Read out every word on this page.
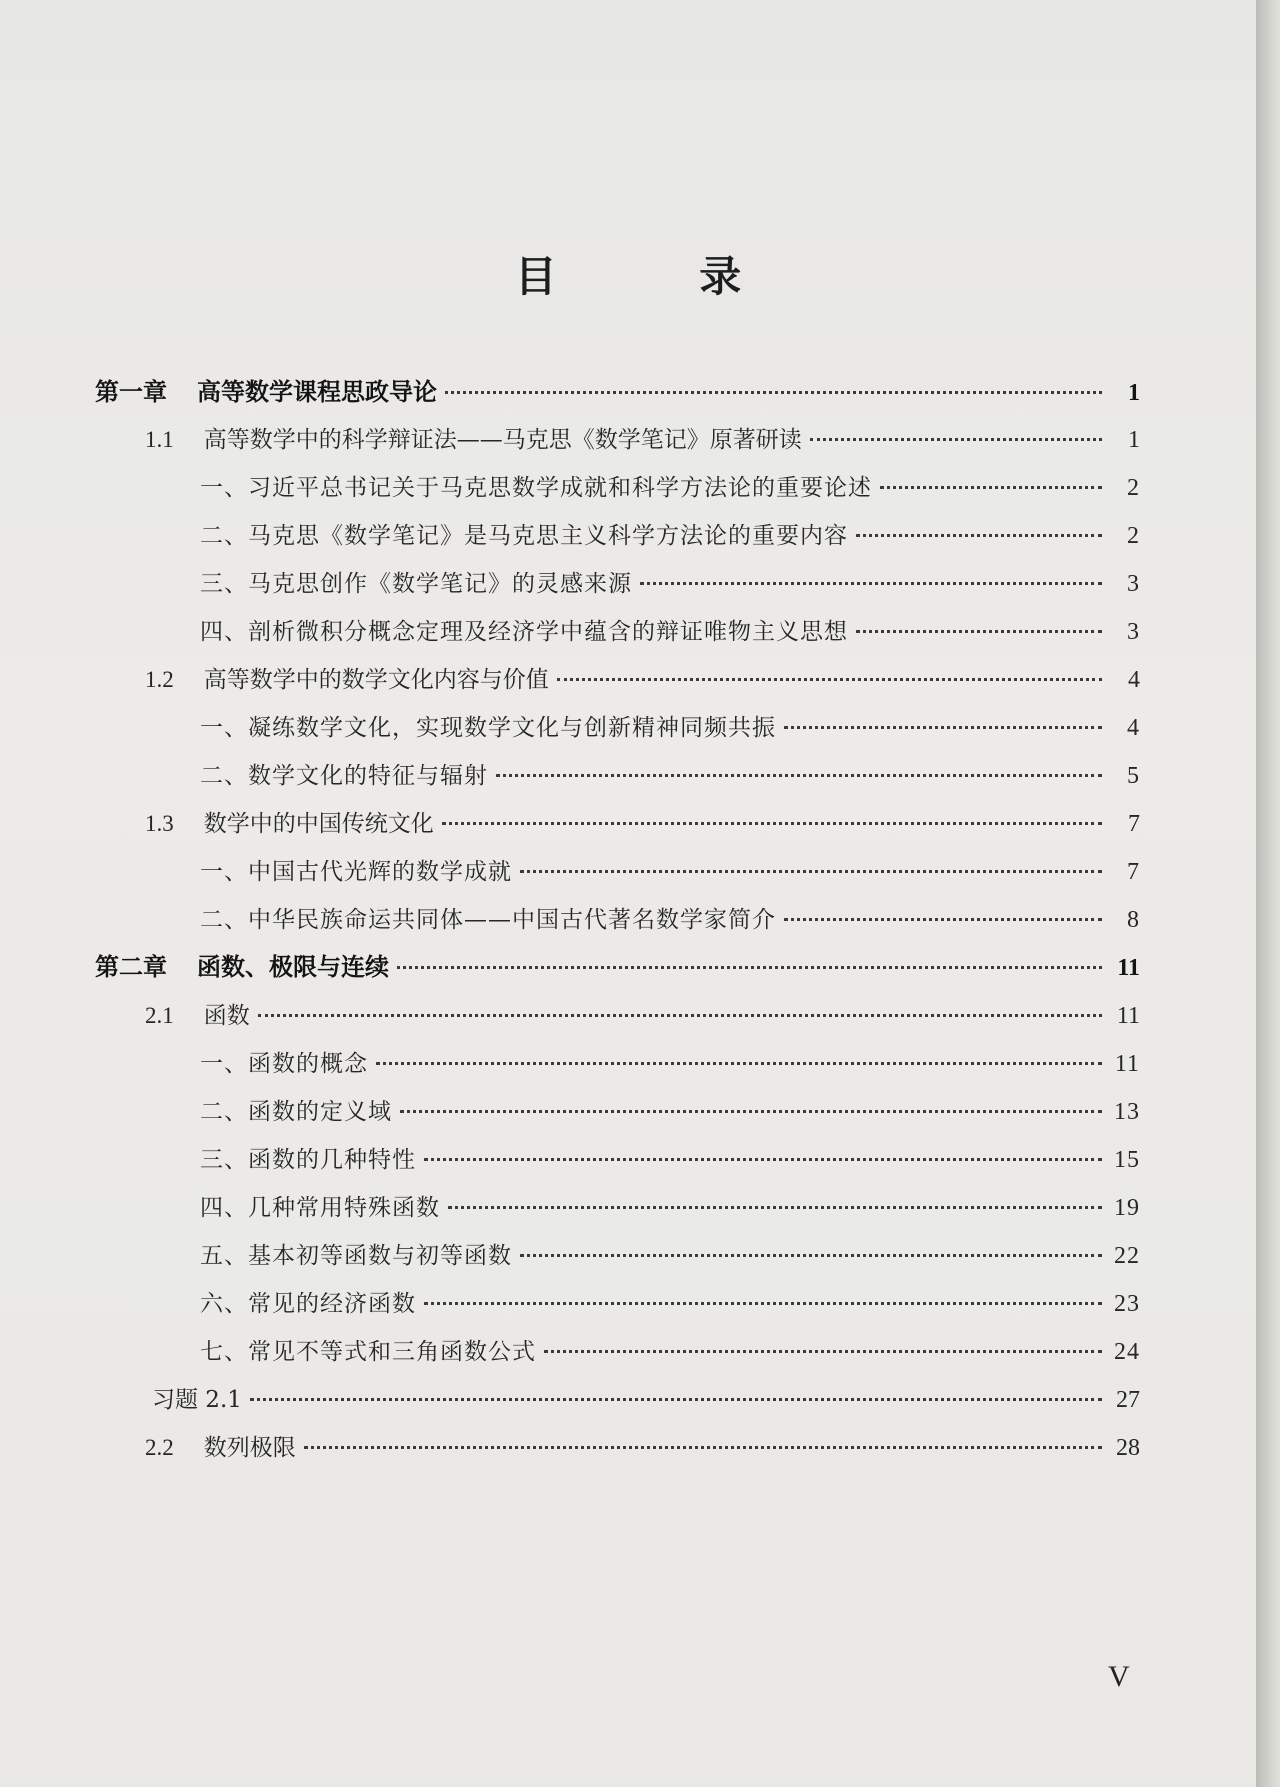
目 录
第一章 高等数学课程思政导论	1
1.1 高等数学中的科学辩证法——马克思《数学笔记》原著研读	1
一、习近平总书记关于马克思数学成就和科学方法论的重要论述	2
二、马克思《数学笔记》是马克思主义科学方法论的重要内容	2
三、马克思创作《数学笔记》的灵感来源	3
四、剖析微积分概念定理及经济学中蕴含的辩证唯物主义思想	3
1.2 高等数学中的数学文化内容与价值	4
一、凝练数学文化，实现数学文化与创新精神同频共振	4
二、数学文化的特征与辐射	5
1.3 数学中的中国传统文化	7
一、中国古代光辉的数学成就	7
二、中华民族命运共同体——中国古代著名数学家简介	8
第二章 函数、极限与连续	11
2.1 函数	11
一、函数的概念	11
二、函数的定义域	13
三、函数的几种特性	15
四、几种常用特殊函数	19
五、基本初等函数与初等函数	22
六、常见的经济函数	23
七、常见不等式和三角函数公式	24
习题 2.1	27
2.2 数列极限	28
V
